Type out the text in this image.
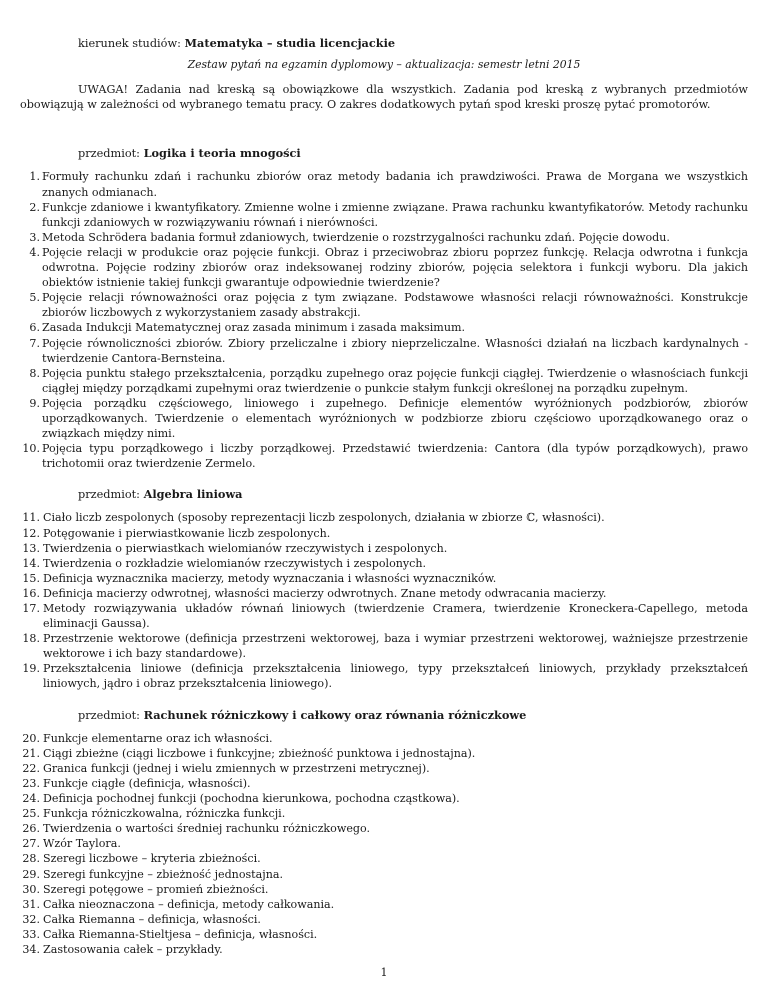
kierunek studiów: Matematyka – studia licencjackie
Zestaw pytań na egzamin dyplomowy – aktualizacja: semestr letni 2015
UWAGA! Zadania nad kreską są obowiązkowe dla wszystkich. Zadania pod kreską z wybranych przedmiotów obowiązują w zależności od wybranego tematu pracy. O zakres dodatkowych pytań spod kreski proszę pytać promotorów.
przedmiot: Logika i teoria mnogości
1. Formuły rachunku zdań i rachunku zbiorów oraz metody badania ich prawdziwości. Prawa de Morgana we wszystkich znanych odmianach.
2. Funkcje zdaniowe i kwantyfikatory. Zmienne wolne i zmienne związane. Prawa rachunku kwantyfikatorów. Metody rachunku funkcji zdaniowych w rozwiązywaniu równań i nierówności.
3. Metoda Schrödera badania formuł zdaniowych, twierdzenie o rozstrzygalności rachunku zdań. Pojęcie dowodu.
4. Pojęcie relacji w produkcie oraz pojęcie funkcji. Obraz i przeciwobraz zbioru poprzez funkcję. Relacja odwrotna i funkcja odwrotna. Pojęcie rodziny zbiorów oraz indeksowanej rodziny zbiorów, pojęcia selektora i funkcji wyboru. Dla jakich obiektów istnienie takiej funkcji gwarantuje odpowiednie twierdzenie?
5. Pojęcie relacji równoważności oraz pojęcia z tym związane. Podstawowe własności relacji równoważności. Konstrukcje zbiorów liczbowych z wykorzystaniem zasady abstrakcji.
6. Zasada Indukcji Matematycznej oraz zasada minimum i zasada maksimum.
7. Pojęcie równoliczności zbiorów. Zbiory przeliczalne i zbiory nieprzeliczalne. Własności działań na liczbach kardynalnych - twierdzenie Cantora-Bernsteina.
8. Pojęcia punktu stałego przekształcenia, porządku zupełnego oraz pojęcie funkcji ciągłej. Twierdzenie o własnościach funkcji ciągłej między porządkami zupełnymi oraz twierdzenie o punkcie stałym funkcji określonej na porządku zupełnym.
9. Pojęcia porządku częściowego, liniowego i zupełnego. Definicje elementów wyróżnionych podzbiorów, zbiorów uporządkowanych. Twierdzenie o elementach wyróżnionych w podzbiorze zbioru częściowo uporządkowanego oraz o związkach między nimi.
10. Pojęcia typu porządkowego i liczby porządkowej. Przedstawić twierdzenia: Cantora (dla typów porządkowych), prawo trichotomii oraz twierdzenie Zermelo.
przedmiot: Algebra liniowa
11. Ciało liczb zespolonych (sposoby reprezentacji liczb zespolonych, działania w zbiorze ℂ, własności).
12. Potęgowanie i pierwiastkowanie liczb zespolonych.
13. Twierdzenia o pierwiastkach wielomianów rzeczywistych i zespolonych.
14. Twierdzenia o rozkładzie wielomianów rzeczywistych i zespolonych.
15. Definicja wyznacznika macierzy, metody wyznaczania i własności wyznaczników.
16. Definicja macierzy odwrotnej, własności macierzy odwrotnych. Znane metody odwracania macierzy.
17. Metody rozwiązywania układów równań liniowych (twierdzenie Cramera, twierdzenie Kroneckera-Capellego, metoda eliminacji Gaussa).
18. Przestrzenie wektorowe (definicja przestrzeni wektorowej, baza i wymiar przestrzeni wektorowej, ważniejsze przestrzenie wektorowe i ich bazy standardowe).
19. Przekształcenia liniowe (definicja przekształcenia liniowego, typy przekształceń liniowych, przykłady przekształceń liniowych, jądro i obraz przekształcenia liniowego).
przedmiot: Rachunek różniczkowy i całkowy oraz równania różniczkowe
20. Funkcje elementarne oraz ich własności.
21. Ciągi zbieżne (ciągi liczbowe i funkcyjne; zbieżność punktowa i jednostajna).
22. Granica funkcji (jednej i wielu zmiennych w przestrzeni metrycznej).
23. Funkcje ciągłe (definicja, własności).
24. Definicja pochodnej funkcji (pochodna kierunkowa, pochodna cząstkowa).
25. Funkcja różniczkowalna, różniczka funkcji.
26. Twierdzenia o wartości średniej rachunku różniczkowego.
27. Wzór Taylora.
28. Szeregi liczbowe – kryteria zbieżności.
29. Szeregi funkcyjne – zbieżność jednostajna.
30. Szeregi potęgowe – promień zbieżności.
31. Całka nieoznaczona – definicja, metody całkowania.
32. Całka Riemanna – definicja, własności.
33. Całka Riemanna-Stieltjesa – definicja, własności.
34. Zastosowania całek – przykłady.
1
